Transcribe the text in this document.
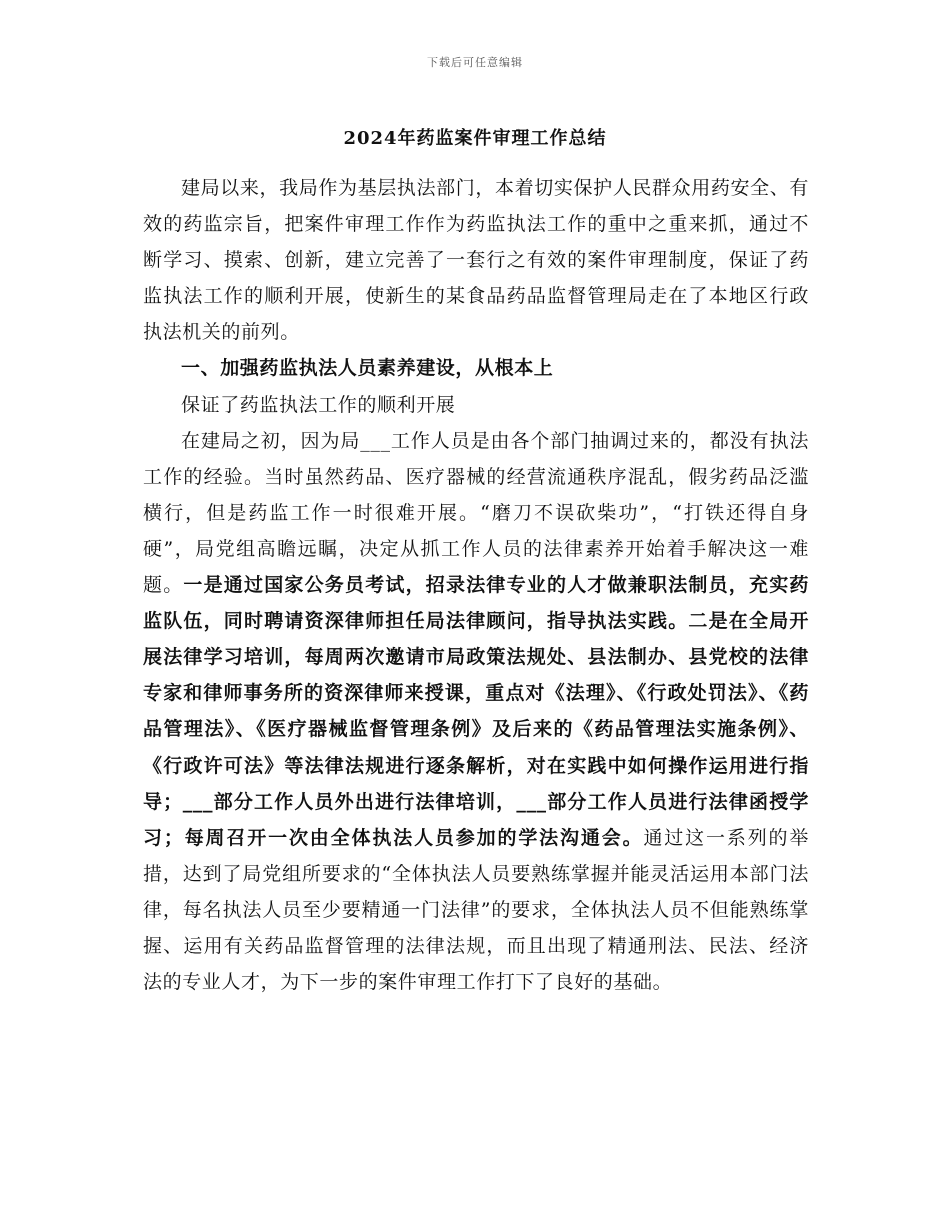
下载后可任意编辑
2024年药监案件审理工作总结

建局以来，我局作为基层执法部门，本着切实保护人民群众用药安全、有效的药监宗旨，把案件审理工作作为药监执法工作的重中之重来抓，通过不断学习、摸索、创新，建立完善了一套行之有效的案件审理制度，保证了药监执法工作的顺利开展，使新生的某食品药品监督管理局走在了本地区行政执法机关的前列。

一、加强药监执法人员素养建设，从根本上

保证了药监执法工作的顺利开展

在建局之初，因为局___工作人员是由各个部门抽调过来的，都没有执法工作的经验。当时虽然药品、医疗器械的经营流通秩序混乱，假劣药品泛滥横行，但是药监工作一时很难开展。“磨刀不误砍柴功”，“打铁还得自身硬”，局党组高瞻远瞩，决定从抓工作人员的法律素养开始着手解决这一难题。一是通过国家公务员考试，招录法律专业的人才做兼职法制员，充实药监队伍，同时聘请资深律师担任局法律顾问，指导执法实践。二是在全局开展法律学习培训，每周两次邀请市局政策法规处、县法制办、县党校的法律专家和律师事务所的资深律师来授课，重点对《法理》、《行政处罚法》、《药品管理法》、《医疗器械监督管理条例》及后来的《药品管理法实施条例》、《行政许可法》等法律法规进行逐条解析，对在实践中如何操作运用进行指导；___部分工作人员外出进行法律培训，___部分工作人员进行法律函授学习；每周召开一次由全体执法人员参加的学法沟通会。通过这一系列的举措，达到了局党组所要求的“全体执法人员要熟练掌握并能灵活运用本部门法律，每名执法人员至少要精通一门法律”的要求，全体执法人员不但能熟练掌握、运用有关药品监督管理的法律法规，而且出现了精通刑法、民法、经济法的专业人才，为下一步的案件审理工作打下了良好的基础。
